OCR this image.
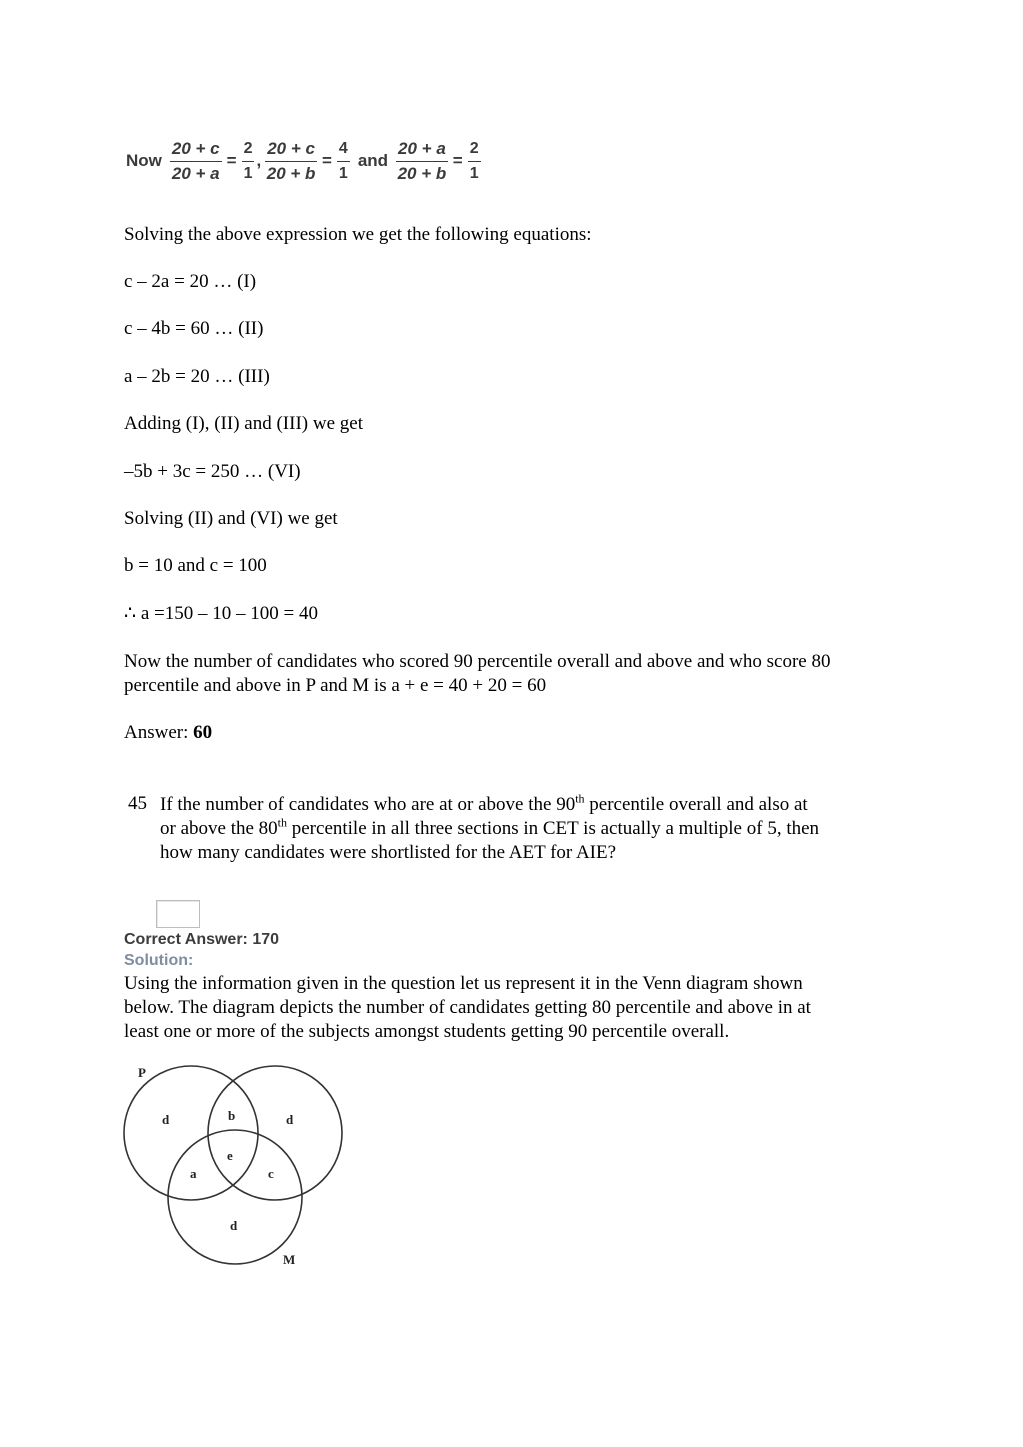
Now $\frac{20 + c}{20 + a} = \frac{2}{1}$ , $\frac{20 + c}{20 + b} = \frac{4}{1}$ and $\frac{20 + a}{20 + b} = \frac{2}{1}$
Solving the above expression we get the following equations:
c – 2a = 20 … (I)
c – 4b = 60 … (II)
a – 2b = 20 … (III)
Adding (I), (II) and (III) we get
–5b + 3c = 250 … (VI)
Solving (II) and (VI) we get
b = 10 and c = 100
∴ a =150 – 10 – 100 = 40
Now the number of candidates who scored 90 percentile overall and above and who score 80
percentile and above in P and M is a + e = 40 + 20 = 60
Answer: 60
45 If the number of candidates who are at or above the 90th percentile overall and also at
or above the 80th percentile in all three sections in CET is actually a multiple of 5, then
how many candidates were shortlisted for the AET for AIE?
Correct Answer: 170
Solution:
Using the information given in the question let us represent it in the Venn diagram shown
below. The diagram depicts the number of candidates getting 80 percentile and above in at
least one or more of the subjects amongst students getting 90 percentile overall.
P
M
d	b	d
e
a	c
d
